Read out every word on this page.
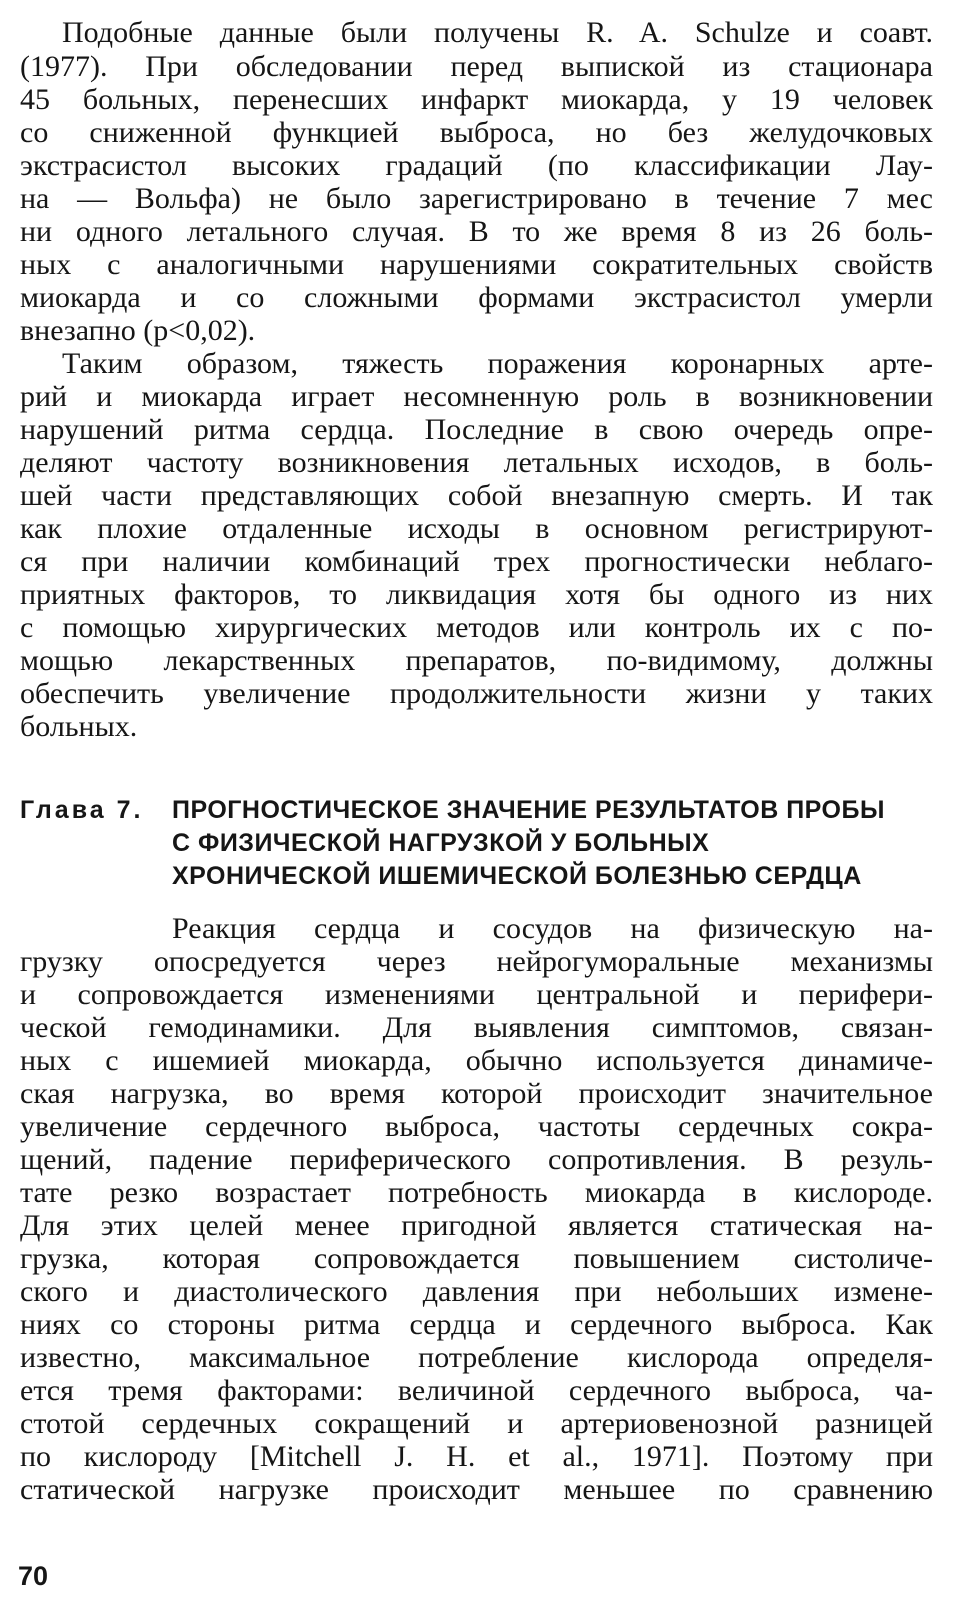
Подобные данные были получены R. A. Schulze и соавт.
(1977). При обследовании перед выпиской из стационара
45 больных, перенесших инфаркт миокарда, у 19 человек
со сниженной функцией выброса, но без желудочковых
экстрасистол высоких градаций (по классификации Лау-
на — Вольфа) не было зарегистрировано в течение 7 мес
ни одного летального случая. В то же время 8 из 26 боль-
ных с аналогичными нарушениями сократительных свойств
миокарда и со сложными формами экстрасистол умерли
внезапно (p<0,02).
Таким образом, тяжесть поражения коронарных арте-
рий и миокарда играет несомненную роль в возникновении
нарушений ритма сердца. Последние в свою очередь опре-
деляют частоту возникновения летальных исходов, в боль-
шей части представляющих собой внезапную смерть. И так
как плохие отдаленные исходы в основном регистрируют-
ся при наличии комбинаций трех прогностически неблаго-
приятных факторов, то ликвидация хотя бы одного из них
с помощью хирургических методов или контроль их с по-
мощью лекарственных препаратов, по-видимому, должны
обеспечить увеличение продолжительности жизни у таких
больных.
Глава 7. ПРОГНОСТИЧЕСКОЕ ЗНАЧЕНИЕ РЕЗУЛЬТАТОВ ПРОБЫ
С ФИЗИЧЕСКОЙ НАГРУЗКОЙ У БОЛЬНЫХ
ХРОНИЧЕСКОЙ ИШЕМИЧЕСКОЙ БОЛЕЗНЬЮ СЕРДЦА
Реакция сердца и сосудов на физическую на-
грузку опосредуется через нейрогуморальные механизмы
и сопровождается изменениями центральной и перифери-
ческой гемодинамики. Для выявления симптомов, связан-
ных с ишемией миокарда, обычно используется динамиче-
ская нагрузка, во время которой происходит значительное
увеличение сердечного выброса, частоты сердечных сокра-
щений, падение периферического сопротивления. В резуль-
тате резко возрастает потребность миокарда в кислороде.
Для этих целей менее пригодной является статическая на-
грузка, которая сопровождается повышением систоличе-
ского и диастолического давления при небольших измене-
ниях со стороны ритма сердца и сердечного выброса. Как
известно, максимальное потребление кислорода определя-
ется тремя факторами: величиной сердечного выброса, ча-
стотой сердечных сокращений и артериовенозной разницей
по кислороду [Mitchell J. H. et al., 1971]. Поэтому при
статической нагрузке происходит меньшее по сравнению
70
